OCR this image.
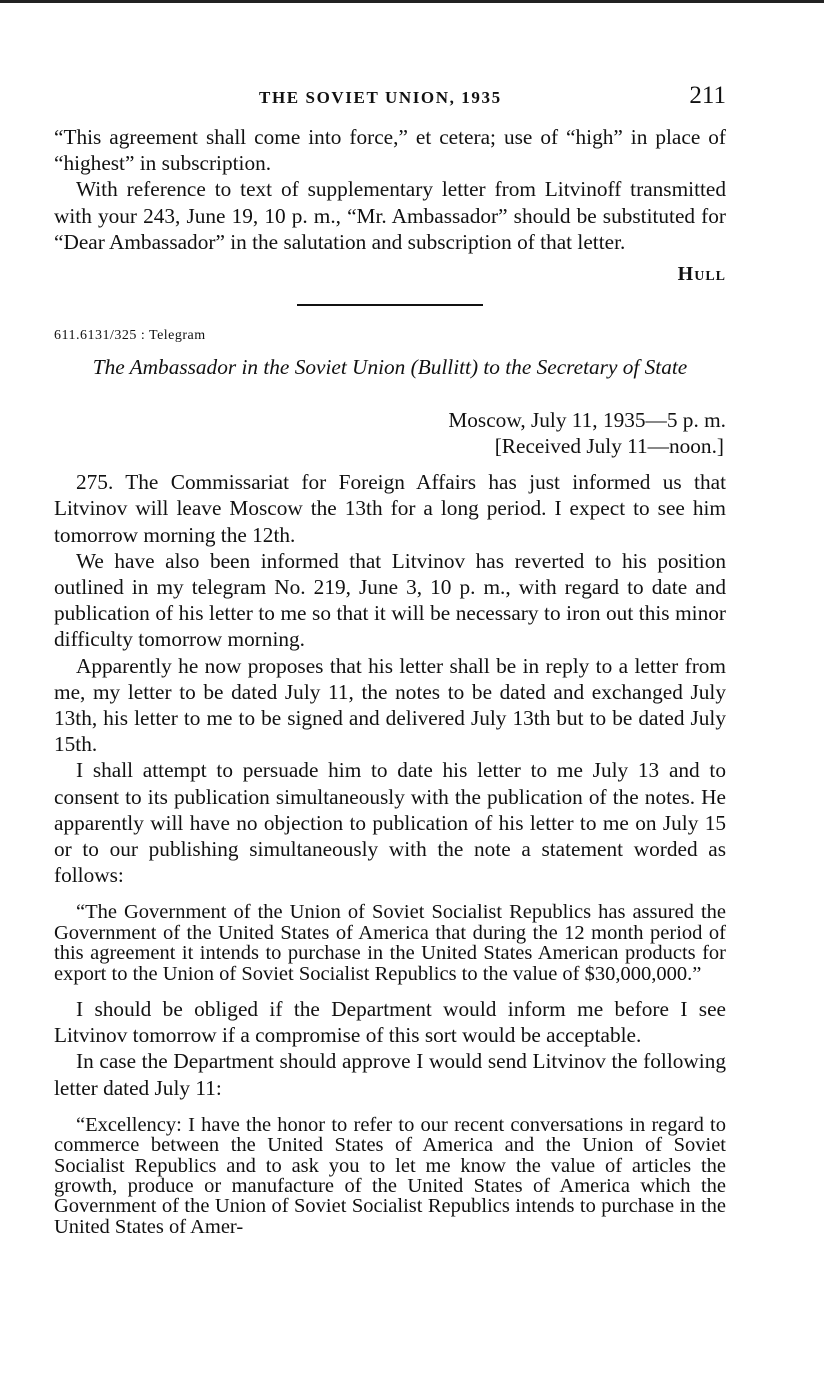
THE SOVIET UNION, 1935	211

“This agreement shall come into force,” et cetera; use of “high” in place of “highest” in subscription.

With reference to text of supplementary letter from Litvinoff transmitted with your 243, June 19, 10 p. m., “Mr. Ambassador” should be substituted for “Dear Ambassador” in the salutation and subscription of that letter.

Hull
611.6131/325 : Telegram
The Ambassador in the Soviet Union (Bullitt) to the Secretary of State
Moscow, July 11, 1935—5 p. m.
[Received July 11—noon.]

275. The Commissariat for Foreign Affairs has just informed us that Litvinov will leave Moscow the 13th for a long period. I expect to see him tomorrow morning the 12th.

We have also been informed that Litvinov has reverted to his position outlined in my telegram No. 219, June 3, 10 p. m., with regard to date and publication of his letter to me so that it will be necessary to iron out this minor difficulty tomorrow morning.

Apparently he now proposes that his letter shall be in reply to a letter from me, my letter to be dated July 11, the notes to be dated and exchanged July 13th, his letter to me to be signed and delivered July 13th but to be dated July 15th.

I shall attempt to persuade him to date his letter to me July 13 and to consent to its publication simultaneously with the publication of the notes. He apparently will have no objection to publication of his letter to me on July 15 or to our publishing simultaneously with the note a statement worded as follows:

“The Government of the Union of Soviet Socialist Republics has assured the Government of the United States of America that during the 12 month period of this agreement it intends to purchase in the United States American products for export to the Union of Soviet Socialist Republics to the value of $30,000,000.”

I should be obliged if the Department would inform me before I see Litvinov tomorrow if a compromise of this sort would be acceptable.

In case the Department should approve I would send Litvinov the following letter dated July 11:

“Excellency: I have the honor to refer to our recent conversations in regard to commerce between the United States of America and the Union of Soviet Socialist Republics and to ask you to let me know the value of articles the growth, produce or manufacture of the United States of America which the Government of the Union of Soviet Socialist Republics intends to purchase in the United States of Amer-
